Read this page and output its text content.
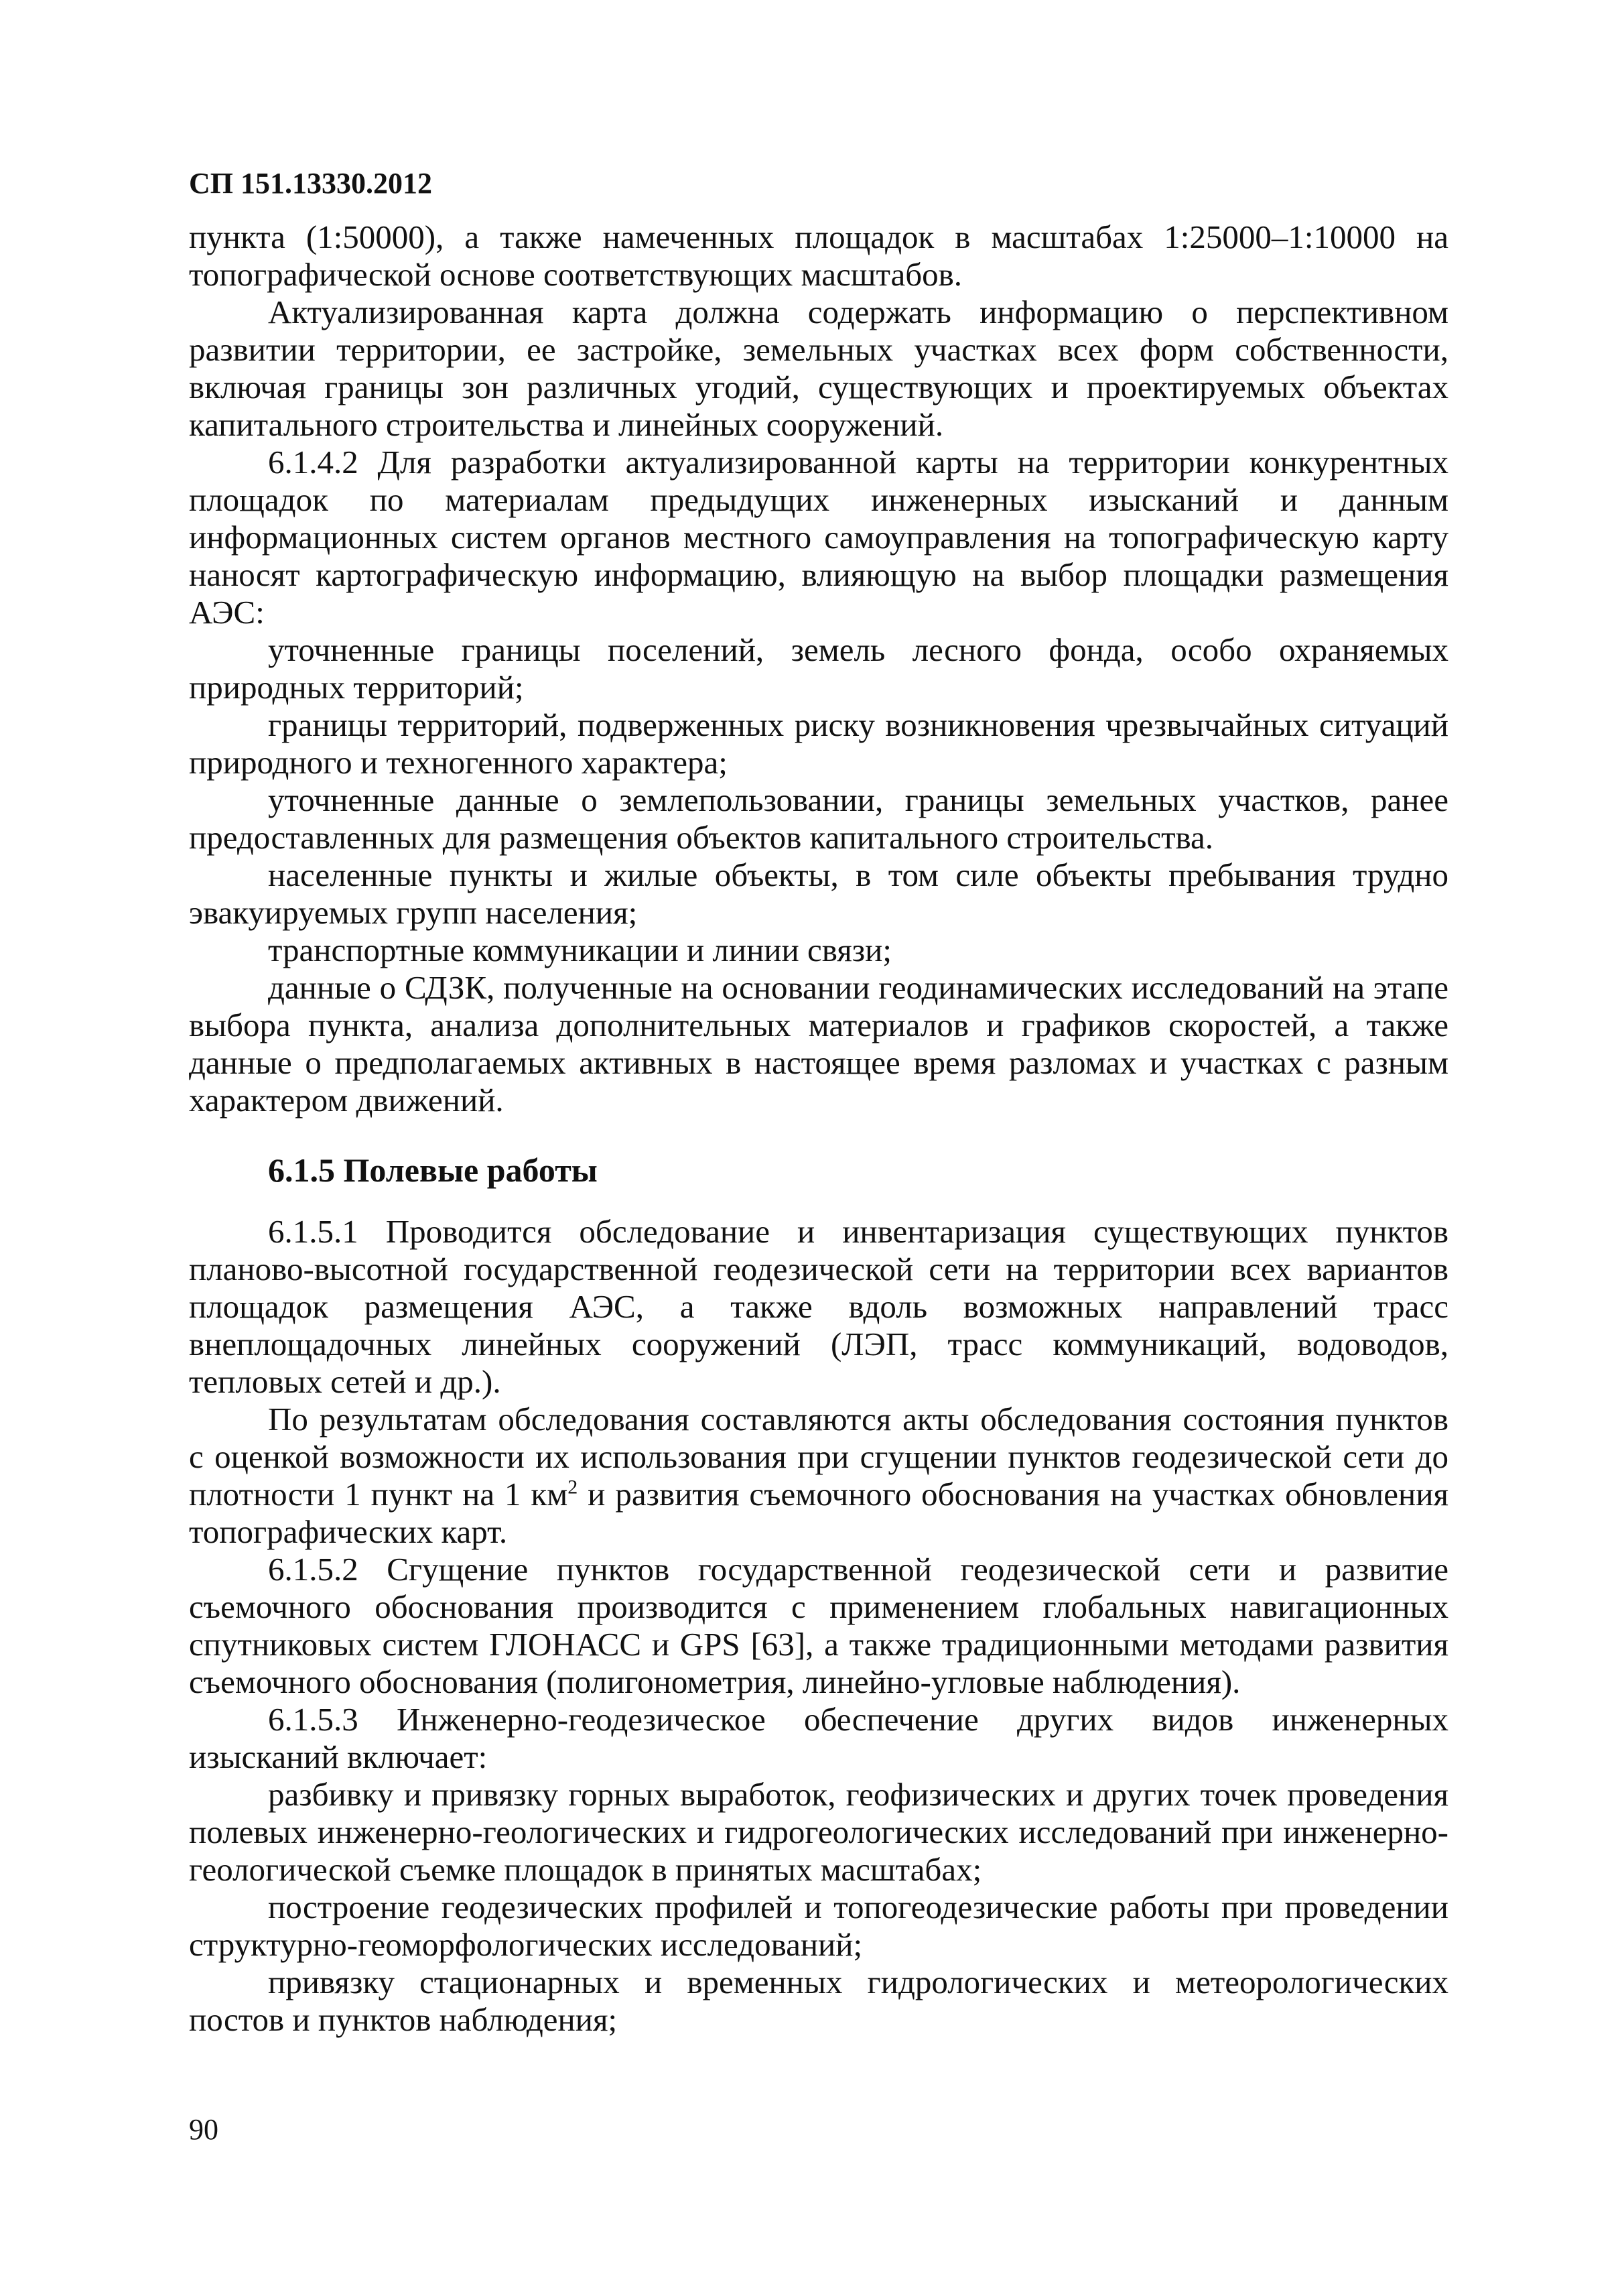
СП 151.13330.2012

пункта (1:50000), а также намеченных площадок в масштабах 1:25000–1:10000 на топографической основе соответствующих масштабов.

Актуализированная карта должна содержать информацию о перспективном развитии территории, ее застройке, земельных участках всех форм собственности, включая границы зон различных угодий, существующих и проектируемых объектах капитального строительства и линейных сооружений.

6.1.4.2 Для разработки актуализированной карты на территории конкурентных площадок по материалам предыдущих инженерных изысканий и данным информационных систем органов местного самоуправления на топографическую карту наносят картографическую информацию, влияющую на выбор площадки размещения АЭС:

уточненные границы поселений, земель лесного фонда, особо охраняемых природных территорий;

границы территорий, подверженных риску возникновения чрезвычайных ситуаций природного и техногенного характера;

уточненные данные о землепользовании, границы земельных участков, ранее предоставленных для размещения объектов капитального строительства.

населенные пункты и жилые объекты, в том силе объекты пребывания трудно эвакуируемых групп населения;

транспортные коммуникации и линии связи;

данные о СДЗК, полученные на основании геодинамических исследований на этапе выбора пункта, анализа дополнительных материалов и графиков скоростей, а также данные о предполагаемых активных в настоящее время разломах и участках с разным характером движений.

6.1.5 Полевые работы

6.1.5.1 Проводится обследование и инвентаризация существующих пунктов планово-высотной государственной геодезической сети на территории всех вариантов площадок размещения АЭС, а также вдоль возможных направлений трасс внеплощадочных линейных сооружений (ЛЭП, трасс коммуникаций, водоводов, тепловых сетей и др.).

По результатам обследования составляются акты обследования состояния пунктов с оценкой возможности их использования при сгущении пунктов геодезической сети до плотности 1 пункт на 1 $км^2$ и развития съемочного обоснования на участках обновления топографических карт.

6.1.5.2 Сгущение пунктов государственной геодезической сети и развитие съемочного обоснования производится с применением глобальных навигационных спутниковых систем ГЛОНАСС и GPS [63], а также традиционными методами развития съемочного обоснования (полигонометрия, линейно-угловые наблюдения).

6.1.5.3 Инженерно-геодезическое обеспечение других видов инженерных изысканий включает:

разбивку и привязку горных выработок, геофизических и других точек проведения полевых инженерно-геологических и гидрогеологических исследований при инженерно-геологической съемке площадок в принятых масштабах;

построение геодезических профилей и топогеодезические работы при проведении структурно-геоморфологических исследований;

привязку стационарных и временных гидрологических и метеорологических постов и пунктов наблюдения;

90
